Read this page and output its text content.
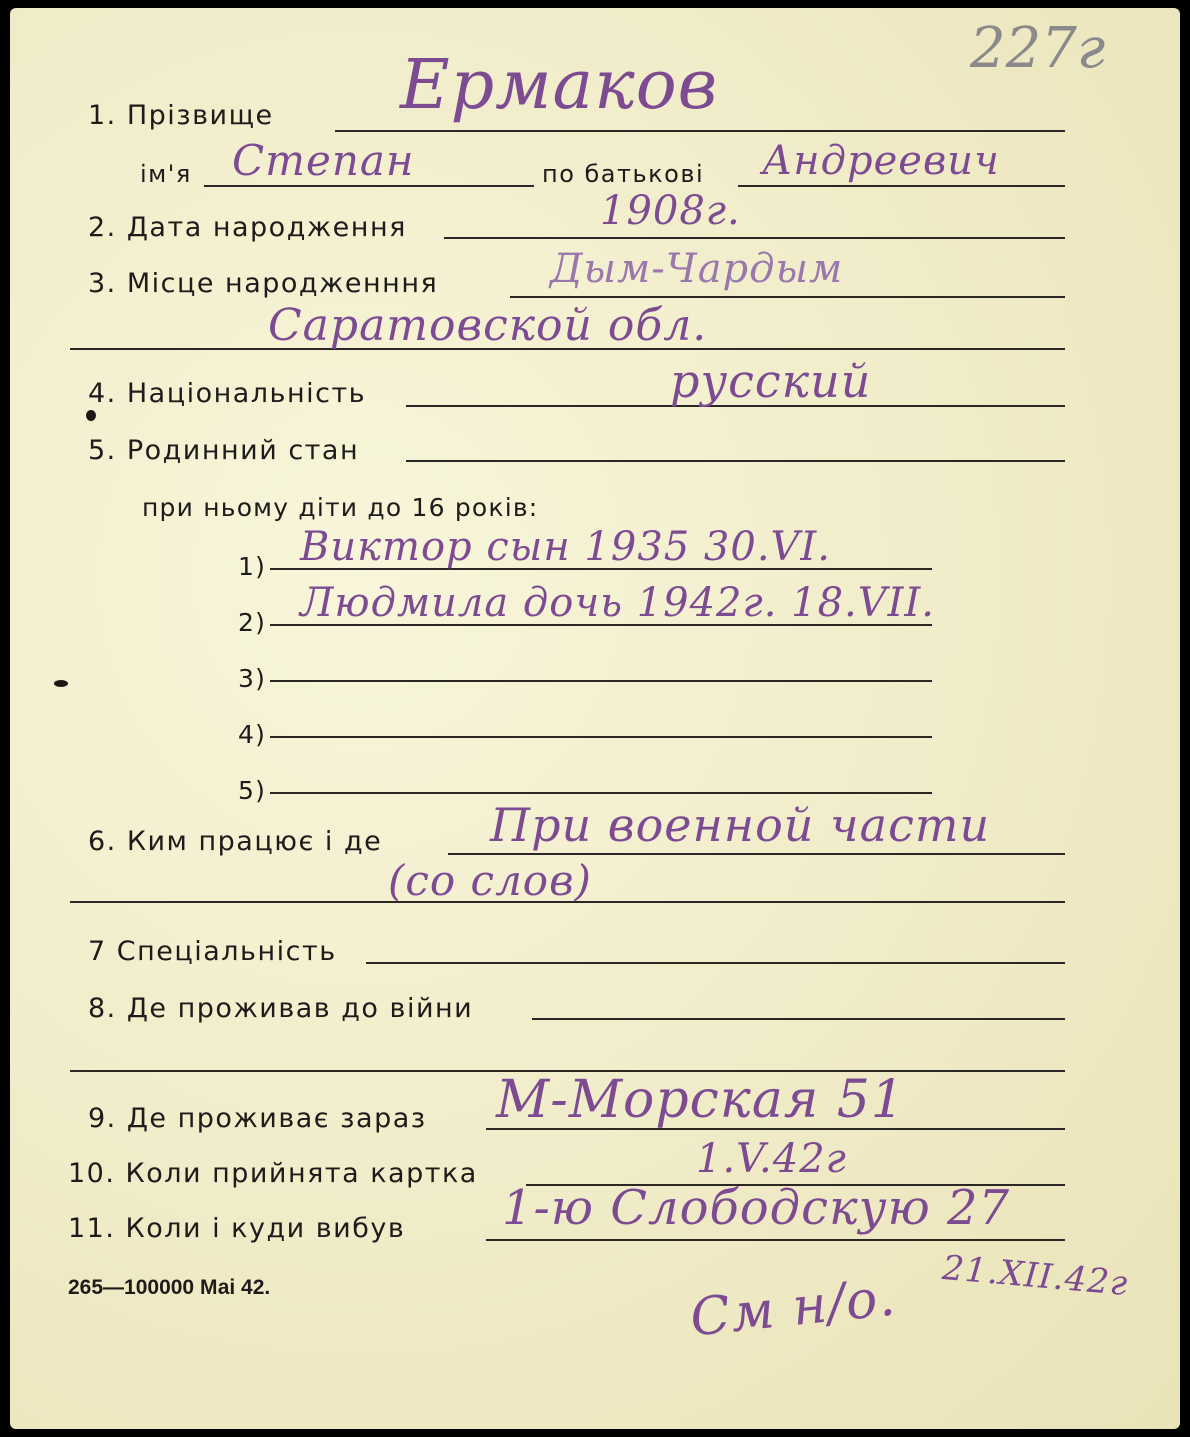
227г
1. Прізвище Ермаков
ім'я Степан	по батькові Андреевич
2. Дата народження	1908г.
3. Місце народженння	Дым-Чардым
Саратовской обл.
4. Національність	русский
5. Родинний стан
при ньому діти до 16 років:
1) Виктор сын 1935 30.VI.
2) Людмила дочь 1942г. 18.VII.
3)
4)
5)
6. Ким працює і де При военной части
(со слов)
7 Спеціальність
8. Де проживав до війни
9. Де проживає зараз М-Морская 51
10. Коли прийнята картка	1.V.42г
11. Коли і куди вибув 1-ю Слободскую 27
21.XII.42г
См н/о.
265—100000 Маі 42.
